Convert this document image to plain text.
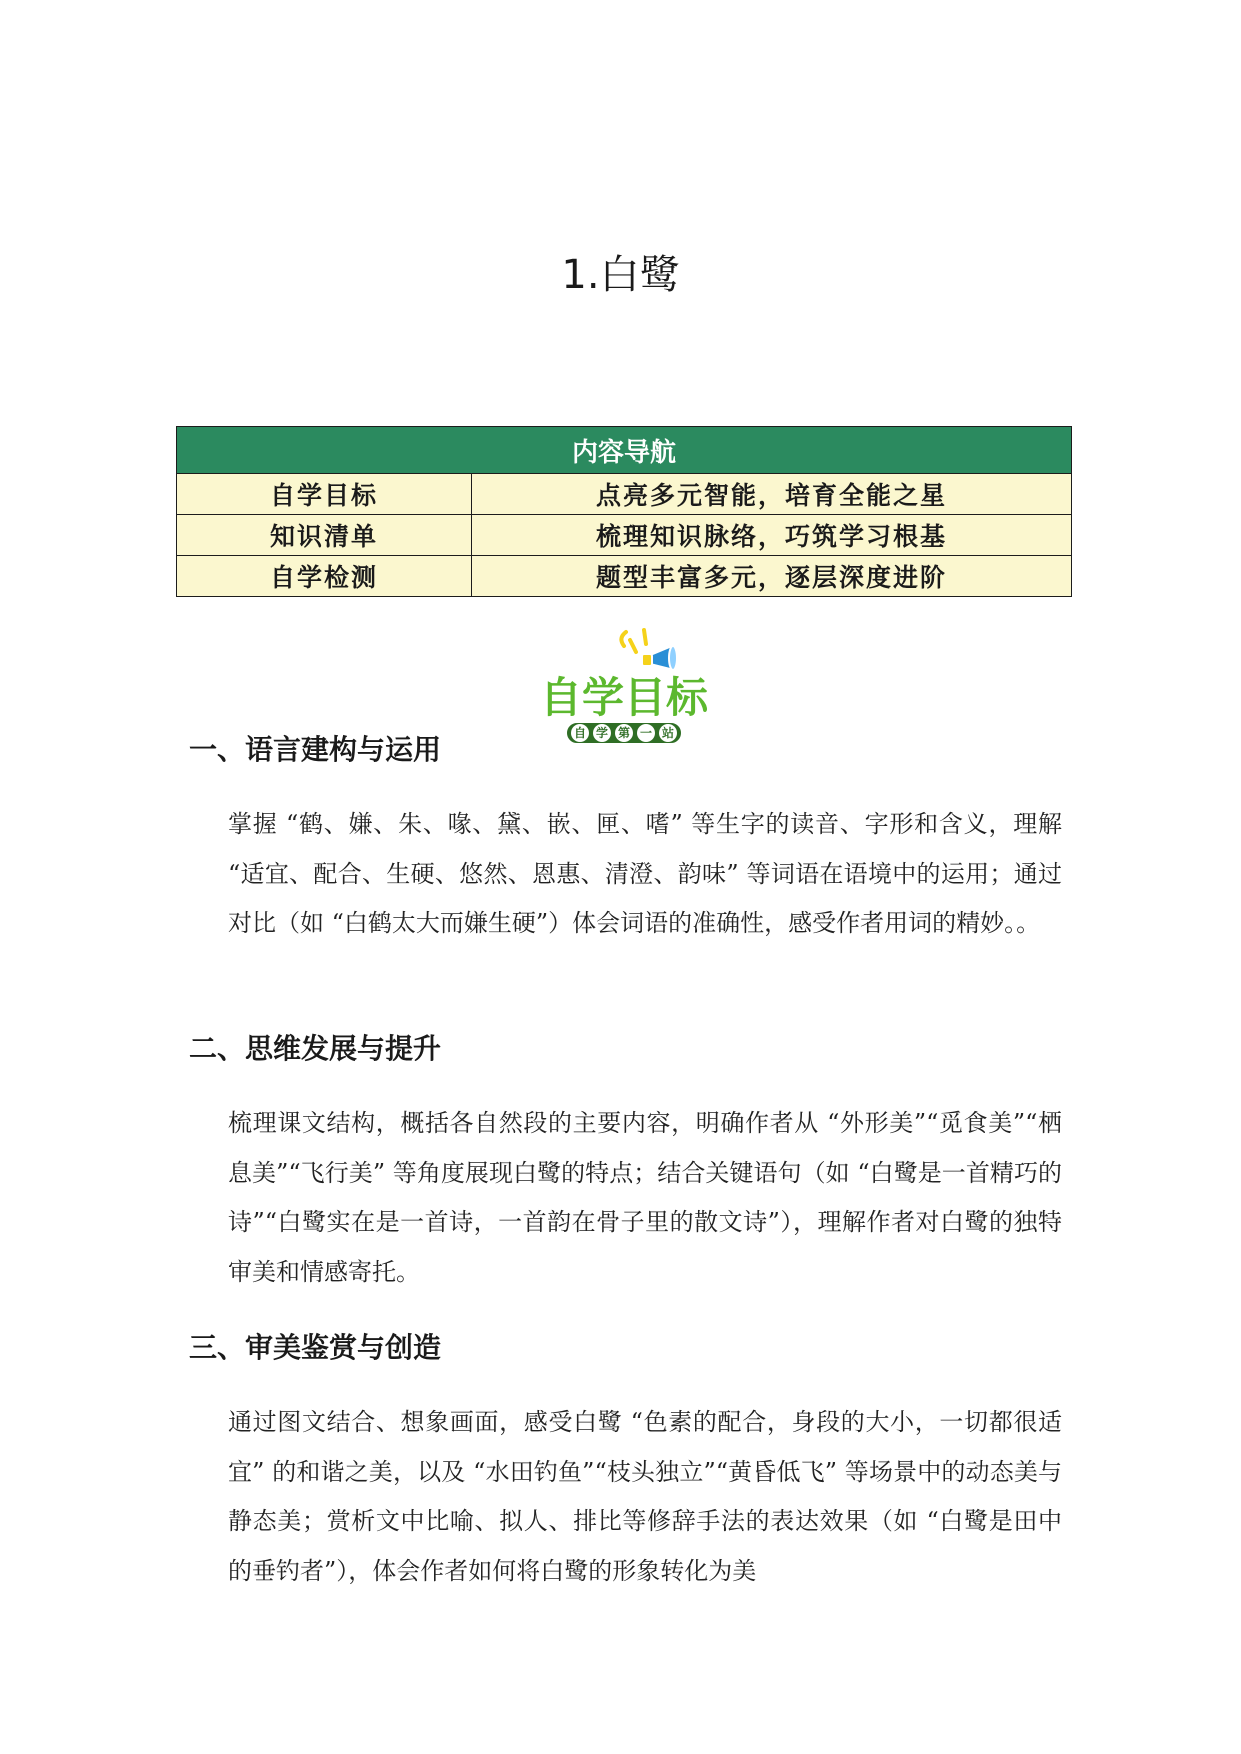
1.白鹭
内容导航	
自学目标	点亮多元智能，培育全能之星
知识清单	梳理知识脉络，巧筑学习根基
自学检测	题型丰富多元，逐层深度进阶
自学目标
自 学 第 一 站
一、语言建构与运用

掌握 “鹤、嫌、朱、喙、黛、嵌、匣、嗜” 等生字的读音、字形和含义，理解 “适宜、配合、生硬、悠然、恩惠、清澄、韵味” 等词语在语境中的运用；通过对比（如 “白鹤太大而嫌生硬”）体会词语的准确性，感受作者用词的精妙。。

二、思维发展与提升

梳理课文结构，概括各自然段的主要内容，明确作者从 “外形美”“觅食美”“栖息美”“飞行美” 等角度展现白鹭的特点；结合关键语句（如 “白鹭是一首精巧的诗”“白鹭实在是一首诗，一首韵在骨子里的散文诗”），理解作者对白鹭的独特审美和情感寄托。

三、审美鉴赏与创造

通过图文结合、想象画面，感受白鹭 “色素的配合，身段的大小，一切都很适宜” 的和谐之美，以及 “水田钓鱼”“枝头独立”“黄昏低飞” 等场景中的动态美与静态美；赏析文中比喻、拟人、排比等修辞手法的表达效果（如 “白鹭是田中的垂钓者”），体会作者如何将白鹭的形象转化为美
